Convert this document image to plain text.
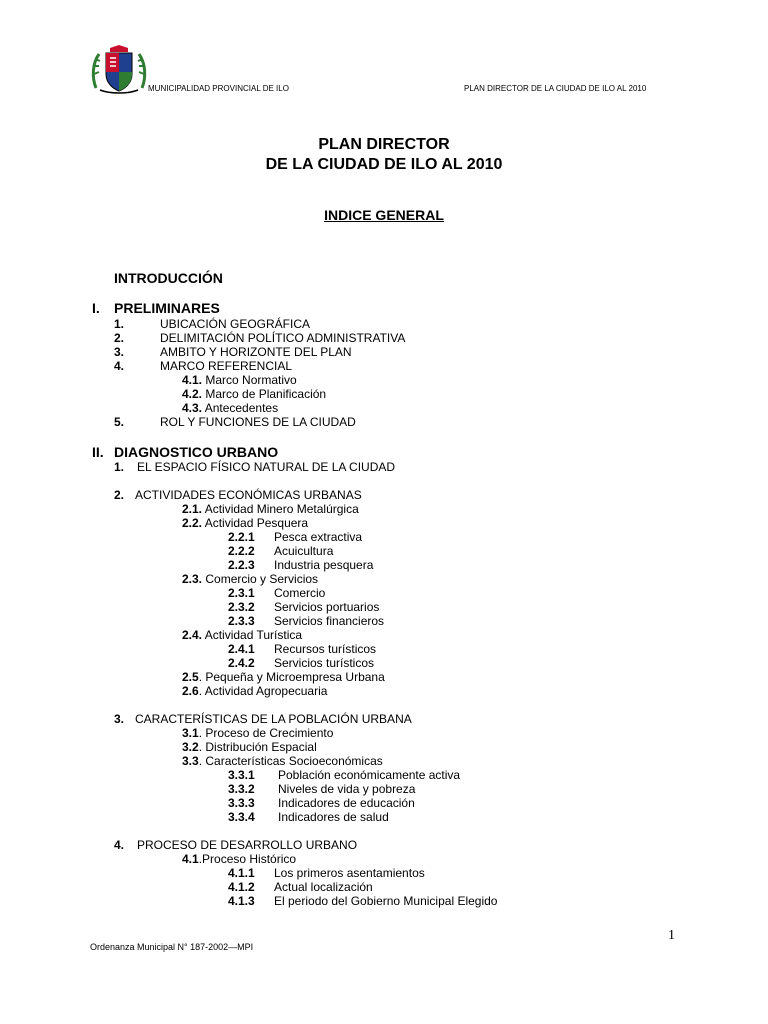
MUNICIPALIDAD PROVINCIAL DE ILO	PLAN DIRECTOR DE LA CIUDAD DE ILO AL 2010
PLAN DIRECTOR
DE LA CIUDAD DE ILO AL 2010
INDICE GENERAL
INTRODUCCIÓN
I. PRELIMINARES
1.	UBICACIÓN GEOGRÁFICA
2.	DELIMITACIÓN POLÍTICO ADMINISTRATIVA
3.	AMBITO Y HORIZONTE DEL PLAN
4.	MARCO REFERENCIAL
4.1. Marco Normativo
4.2. Marco de Planificación
4.3. Antecedentes
5.	ROL Y FUNCIONES DE LA CIUDAD
II. DIAGNOSTICO URBANO
1. EL ESPACIO FÍSICO NATURAL DE LA CIUDAD
2. ACTIVIDADES ECONÓMICAS URBANAS
2.1. Actividad Minero Metalúrgica
2.2. Actividad Pesquera
2.2.1 Pesca extractiva
2.2.2 Acuicultura
2.2.3 Industria pesquera
2.3. Comercio y Servicios
2.3.1 Comercio
2.3.2 Servicios portuarios
2.3.3 Servicios financieros
2.4. Actividad Turística
2.4.1 Recursos turísticos
2.4.2 Servicios turísticos
2.5. Pequeña y Microempresa Urbana
2.6. Actividad Agropecuaria
3. CARACTERÍSTICAS DE LA POBLACIÓN URBANA
3.1. Proceso de Crecimiento
3.2. Distribución Espacial
3.3. Características Socioeconómicas
3.3.1 Población económicamente activa
3.3.2 Niveles de vida y pobreza
3.3.3 Indicadores de educación
3.3.4 Indicadores de salud
4. PROCESO DE DESARROLLO URBANO
4.1.Proceso Histórico
4.1.1 Los primeros asentamientos
4.1.2 Actual localización
4.1.3 El periodo del Gobierno Municipal Elegido
1
Ordenanza Municipal N° 187-2002—MPI
